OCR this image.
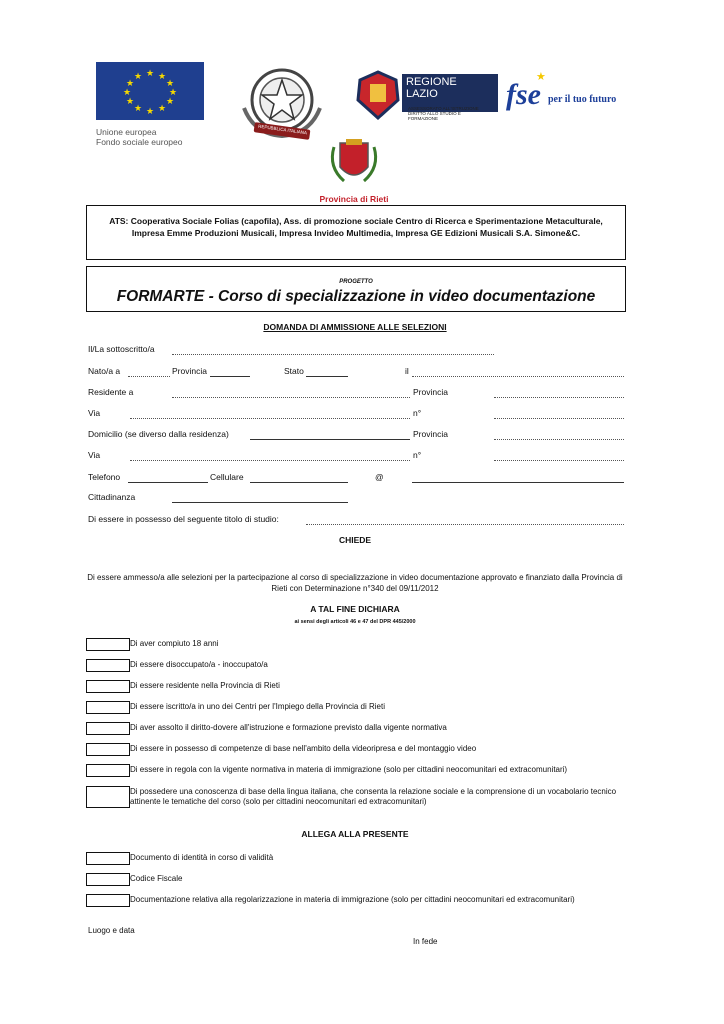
★ ★
★
★
★
★
★
★
★
★
★
★
Unione europea
Fondo sociale europeo
REPUBBLICA ITALIANA
REGIONE
LAZIO
ASSESSORATO ALL'ISTRUZIONE DIRITTO ALLO STUDIO E FORMAZIONE
fse
★
per il tuo futuro
Provincia di Rieti
ATS: Cooperativa Sociale Folias (capofila), Ass. di promozione sociale Centro di Ricerca e Sperimentazione Metaculturale, Impresa Emme Produzioni Musicali, Impresa Invideo Multimedia, Impresa GE Edizioni Musicali S.A. Simone&C.
PROGETTO
FORMARTE - Corso di specializzazione in video documentazione
DOMANDA DI AMMISSIONE ALLE SELEZIONI
Il/La sottoscritto/a
Nato/a a	Provincia	Stato	il
Residente a	Provincia
Via	n°
Domicilio (se diverso dalla residenza)	Provincia
Via	n°
Telefono	Cellulare	@
Cittadinanza
Di essere in possesso del seguente titolo di studio:
CHIEDE
Di essere ammesso/a alle selezioni per la partecipazione al corso di specializzazione in video documentazione approvato e finanziato dalla Provincia di Rieti con Determinazione n°340 del 09/11/2012
A TAL FINE DICHIARA
ai sensi degli articoli 46 e 47 del DPR 445/2000
Di aver compiuto 18 anni
Di essere disoccupato/a - inoccupato/a
Di essere residente nella Provincia di Rieti
Di essere iscritto/a in uno dei Centri per l'Impiego della Provincia di Rieti
Di aver assolto il diritto-dovere all'istruzione e formazione previsto dalla vigente normativa
Di essere in possesso di competenze di base nell'ambito della videoripresa e del montaggio video
Di essere in regola con la vigente normativa in materia di immigrazione (solo per cittadini neocomunitari ed extracomunitari)
Di possedere una conoscenza di base della lingua italiana, che consenta la relazione sociale e la comprensione di un vocabolario tecnico attinente le tematiche del corso (solo per cittadini neocomunitari ed extracomunitari)
ALLEGA ALLA PRESENTE
Documento di identità in corso di validità
Codice Fiscale
Documentazione relativa alla regolarizzazione in materia di immigrazione (solo per cittadini neocomunitari ed extracomunitari)
Luogo e data
In fede
